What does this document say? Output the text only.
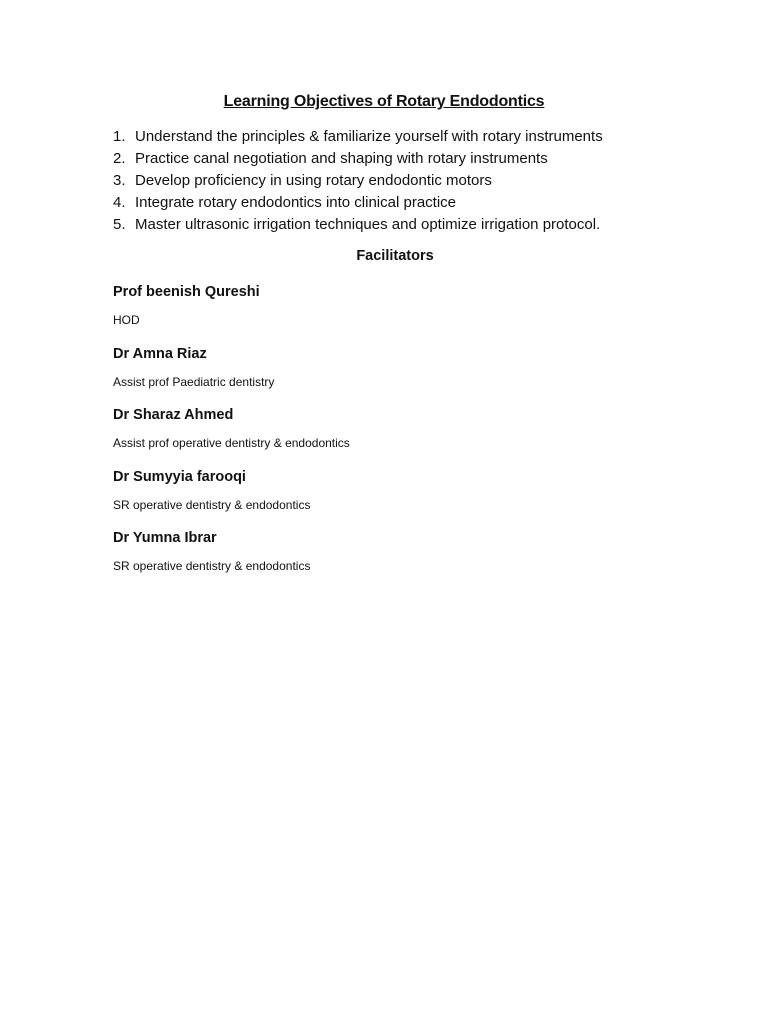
Learning Objectives of Rotary Endodontics
1. Understand the principles & familiarize yourself with rotary instruments
2. Practice canal negotiation and shaping with rotary instruments
3. Develop proficiency in using rotary endodontic motors
4. Integrate rotary endodontics into clinical practice
5. Master ultrasonic irrigation techniques and optimize irrigation protocol.
Facilitators
Prof beenish Qureshi
HOD
Dr Amna Riaz
Assist prof Paediatric dentistry
Dr Sharaz Ahmed
Assist prof operative dentistry & endodontics
Dr Sumyyia farooqi
SR operative dentistry & endodontics
Dr Yumna Ibrar
SR operative dentistry & endodontics
